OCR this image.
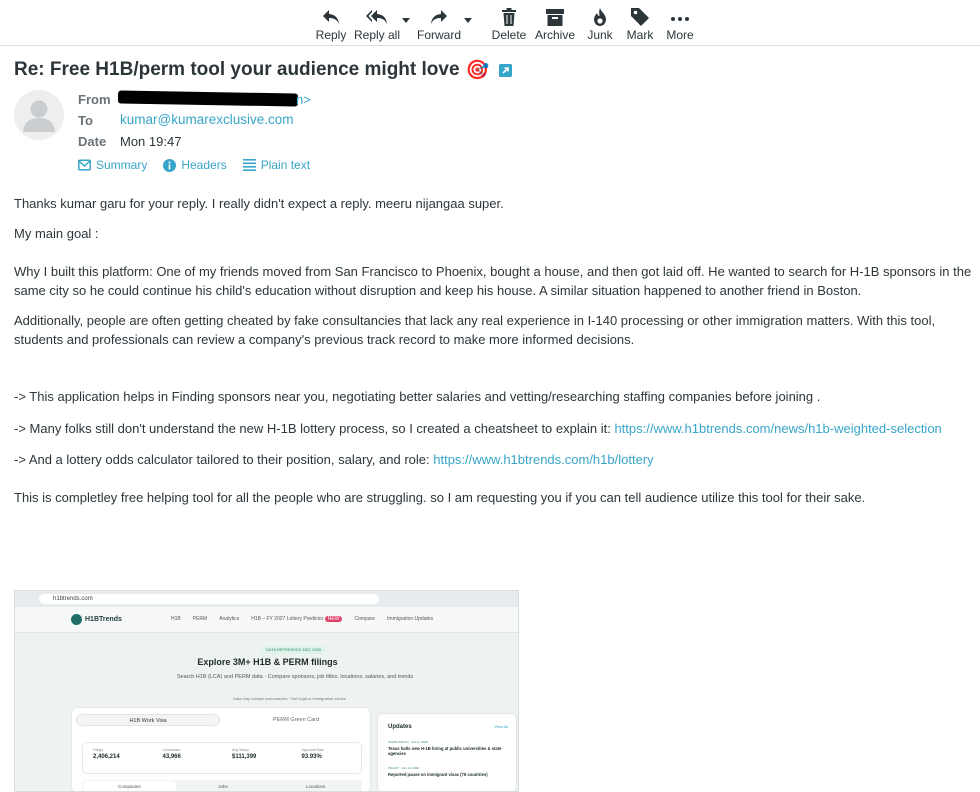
Reply Reply all Forward	Delete Archive Junk Mark More
Re: Free H1B/perm tool your audience might love 🎯
From	n>
To kumar@kumarexclusive.com
Date Mon 19:47
Summary	Headers	Plain text

Thanks kumar garu for your reply. I really didn't expect a reply. meeru nijangaa super.

My main goal :

Why I built this platform: One of my friends moved from San Francisco to Phoenix, bought a house, and then got laid off. He wanted to search for H-1B sponsors in the same city so he could continue his child's education without disruption and keep his house. A similar situation happened to another friend in Boston.

Additionally, people are often getting cheated by fake consultancies that lack any real experience in I-140 processing or other immigration matters. With this tool, students and professionals can review a company's previous track record to make more informed decisions.

-> This application helps in Finding sponsors near you, negotiating better salaries and vetting/researching staffing companies before joining .

-> Many folks still don't understand the new H-1B lottery process, so I created a cheatsheet to explain it: https://www.h1btrends.com/news/h1b-weighted-selection

-> And a lottery odds calculator tailored to their position, salary, and role: https://www.h1btrends.com/h1b/lottery

This is completley free helping tool for all the people who are struggling. so I am requesting you if you can tell audience utilize this tool for their sake.

h1btrends.com
H1BTrends	H1B PERM Analytics H1B – FY 2027 Lottery Predictor NEW	Compare Immigration Updates
DATA REFRESHED DEC 2026
Explore 3M+ H1B & PERM filings
Search H1B (LCA) and PERM data · Compare sponsors, job titles, locations, salaries, and trends
Data may contain inaccuracies · Not legal or immigration advice
H1B Work Visa	PERM Green Card
Filings
2,406,214
Companies
43,966
Avg Salary
$111,399
Approval Rate
93.93%
Companies	Jobs	Locations
Updates	View All
STATE POLICY · Feb 2, 2026
Texas halts new H-1B hiring at public universities & state agencies
POLICY · Jan 14, 2026
Reported pause on immigrant visas (75 countries)
